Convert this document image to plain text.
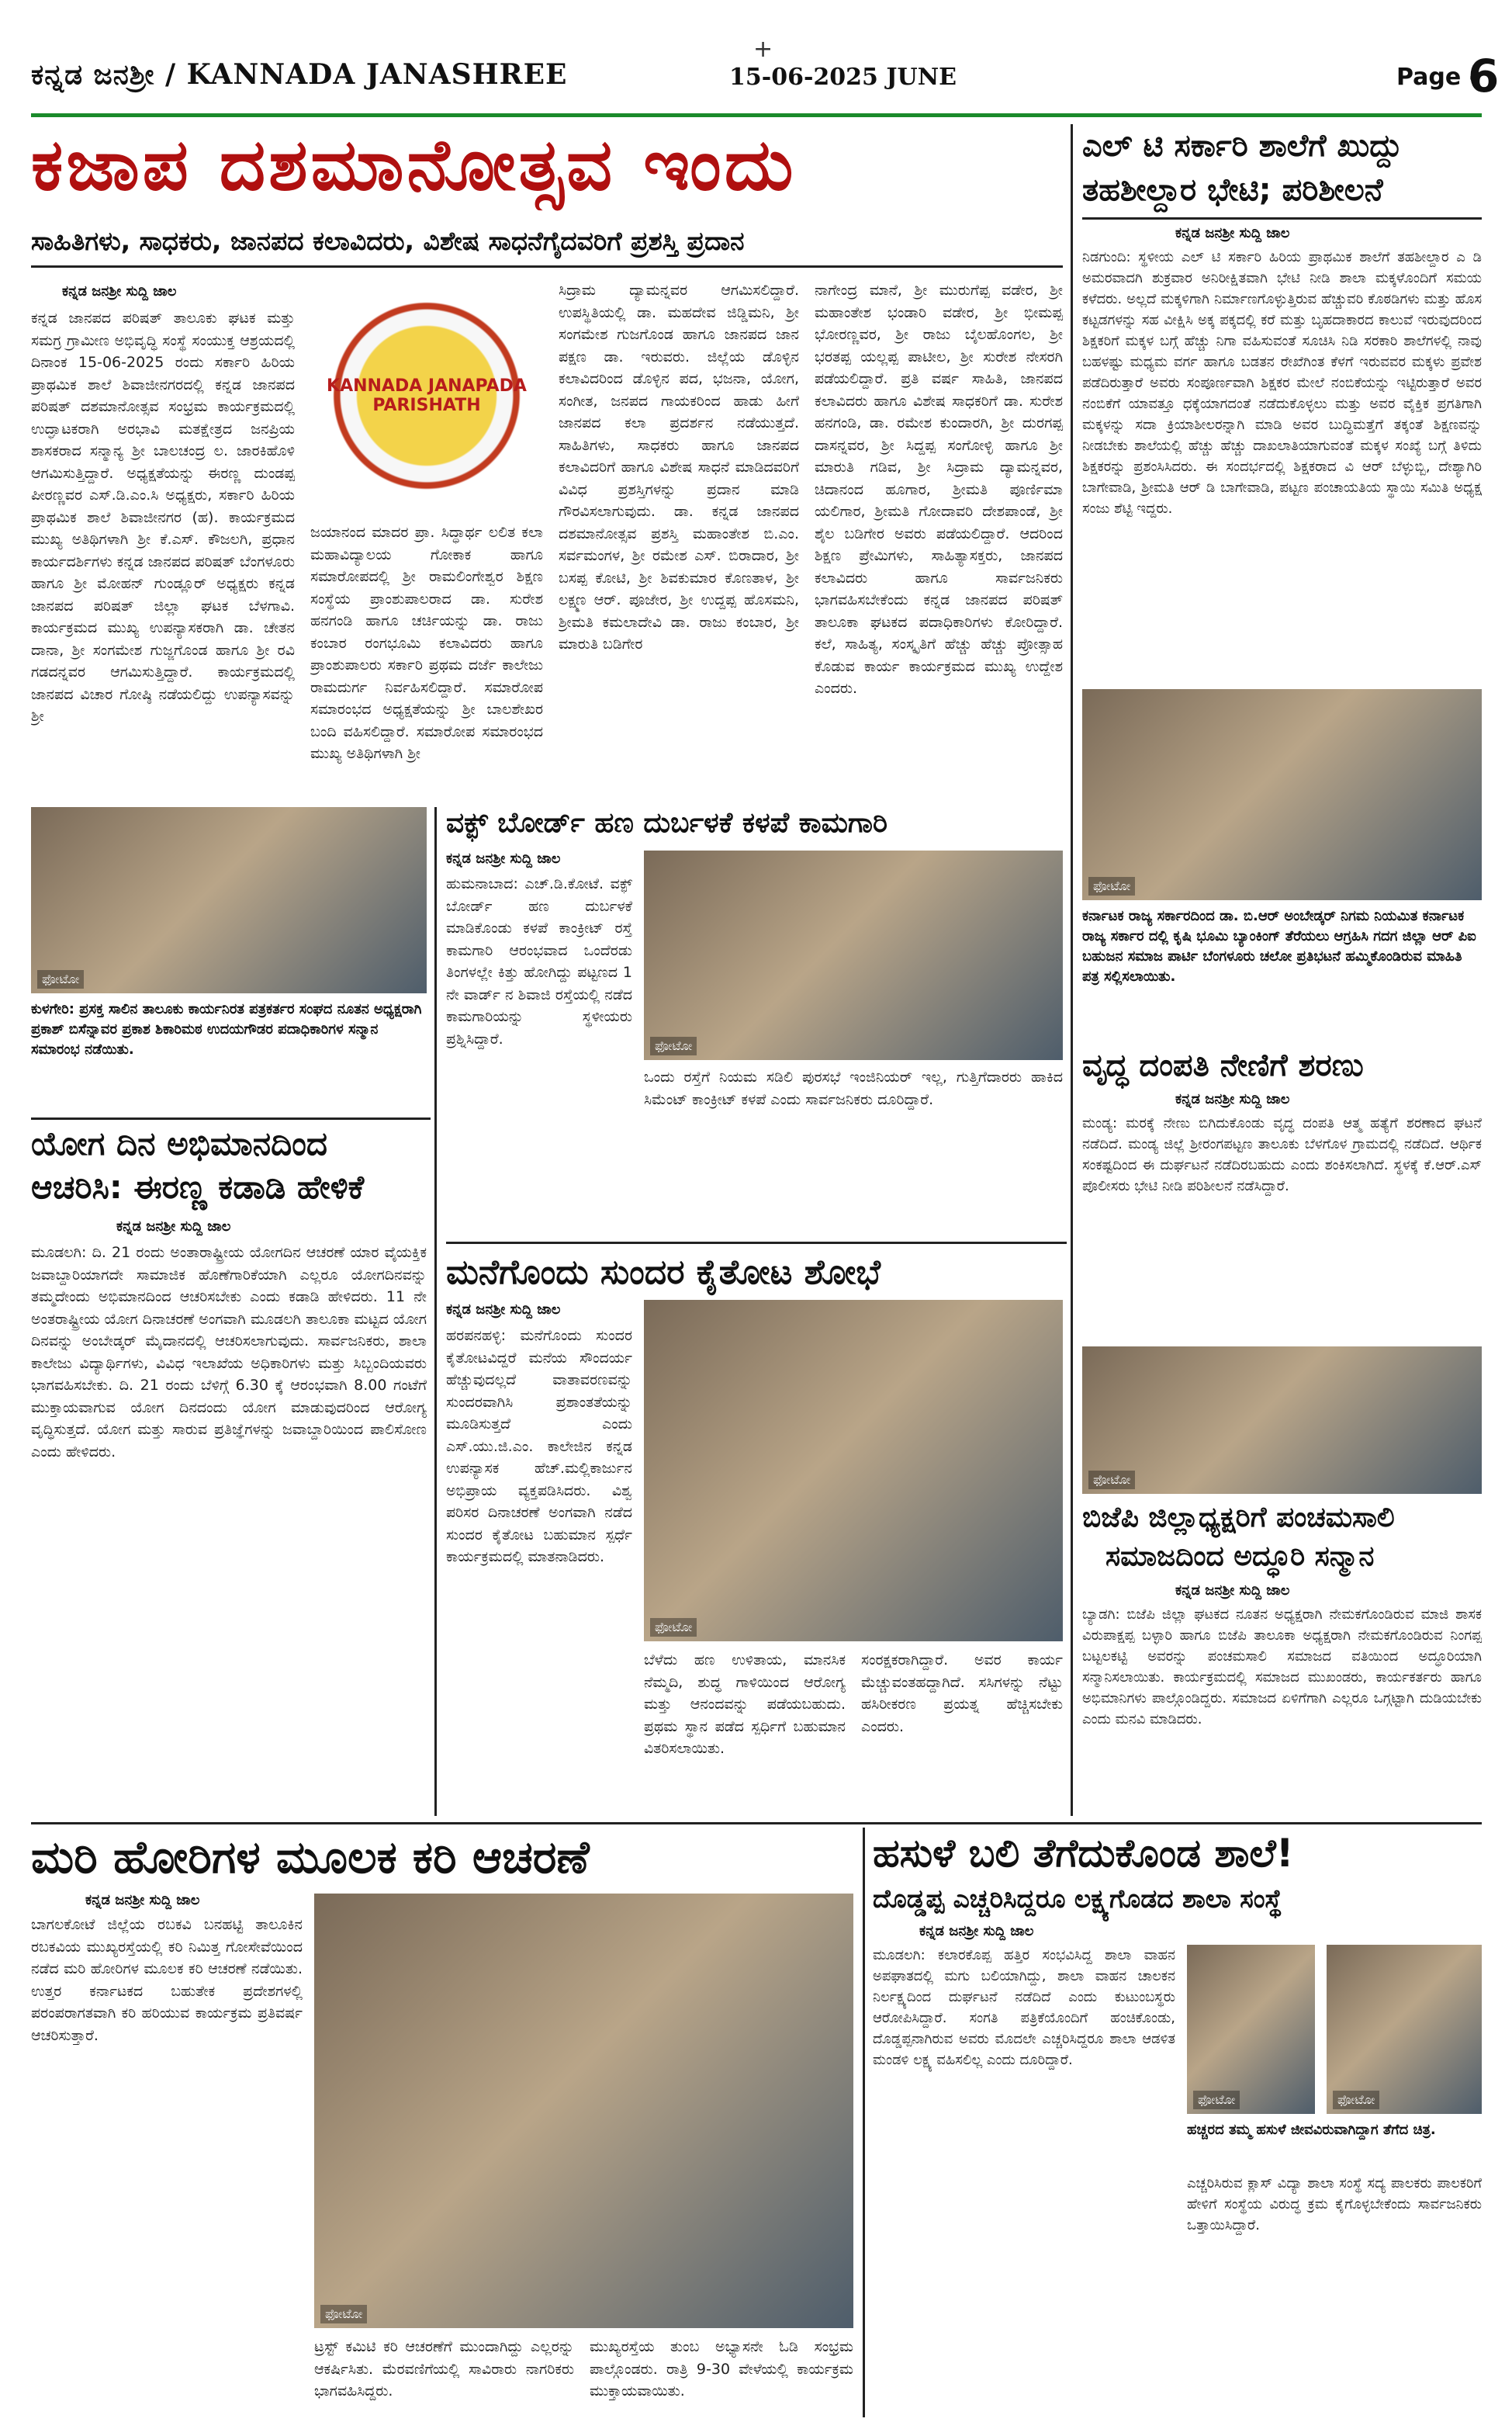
+
ಕನ್ನಡ ಜನಶ್ರೀ / KANNADA JANASHREE	15-06-2025 JUNE	Page -
6
ಕಜಾಪ ದಶಮಾನೋತ್ಸವ ಇಂದು
ಸಾಹಿತಿಗಳು, ಸಾಧಕರು, ಜಾನಪದ ಕಲಾವಿದರು, ವಿಶೇಷ ಸಾಧನೆಗೈದವರಿಗೆ ಪ್ರಶಸ್ತಿ ಪ್ರದಾನ
KANNADA JANAPADA PARISHATH
ಕನ್ನಡ ಜನಶ್ರೀ ಸುದ್ದಿ ಜಾಲ
ಕನ್ನಡ ಜಾನಪದ ಪರಿಷತ್ ತಾಲೂಕು ಘಟಕ ಮತ್ತು ಸಮಗ್ರ ಗ್ರಾಮೀಣ ಅಭಿವೃದ್ಧಿ ಸಂಸ್ಥೆ ಸಂಯುಕ್ತ ಆಶ್ರಯದಲ್ಲಿ ದಿನಾಂಕ 15-06-2025 ರಂದು ಸರ್ಕಾರಿ ಹಿರಿಯ ಪ್ರಾಥಮಿಕ ಶಾಲೆ ಶಿವಾಜೀನಗರದಲ್ಲಿ ಕನ್ನಡ ಜಾನಪದ ಪರಿಷತ್ ದಶಮಾನೋತ್ಸವ ಸಂಭ್ರಮ ಕಾರ್ಯಕ್ರಮದಲ್ಲಿ ಉದ್ಘಾಟಕರಾಗಿ ಅರಭಾವಿ ಮತಕ್ಷೇತ್ರದ ಜನಪ್ರಿಯ ಶಾಸಕರಾದ ಸನ್ಮಾನ್ಯ ಶ್ರೀ ಬಾಲಚಂದ್ರ ಲ. ಜಾರಕಿಹೊಳಿ ಆಗಮಿಸುತ್ತಿದ್ದಾರೆ. ಅಧ್ಯಕ್ಷತೆಯನ್ನು ಈರಣ್ಣ ದುಂಡಪ್ಪ ಪೀರಣ್ಣವರ ಎಸ್.ಡಿ.ಎಂ.ಸಿ ಅಧ್ಯಕ್ಷರು, ಸರ್ಕಾರಿ ಹಿರಿಯ ಪ್ರಾಥಮಿಕ ಶಾಲೆ ಶಿವಾಜೀನಗರ (ಹ). ಕಾರ್ಯಕ್ರಮದ ಮುಖ್ಯ ಅತಿಥಿಗಳಾಗಿ ಶ್ರೀ ಕೆ.ಎಸ್. ಕೌಜಲಗಿ, ಪ್ರಧಾನ ಕಾರ್ಯದರ್ಶಿಗಳು ಕನ್ನಡ ಜಾನಪದ ಪರಿಷತ್ ಬೆಂಗಳೂರು ಹಾಗೂ ಶ್ರೀ ಮೋಹನ್ ಗುಂಡ್ಲೂರ್ ಅಧ್ಯಕ್ಷರು ಕನ್ನಡ ಜಾನಪದ ಪರಿಷತ್ ಜಿಲ್ಲಾ ಘಟಕ ಬೆಳಗಾವಿ. ಕಾರ್ಯಕ್ರಮದ ಮುಖ್ಯ ಉಪನ್ಯಾಸಕರಾಗಿ ಡಾ. ಚೇತನ ದಾನಾ, ಶ್ರೀ ಸಂಗಮೇಶ ಗುಜ್ಜಗೊಂಡ ಹಾಗೂ ಶ್ರೀ ರವಿ ಗಡದನ್ನವರ ಆಗಮಿಸುತ್ತಿದ್ದಾರೆ. ಕಾರ್ಯಕ್ರಮದಲ್ಲಿ ಜಾನಪದ ವಿಚಾರ ಗೋಷ್ಠಿ ನಡೆಯಲಿದ್ದು ಉಪನ್ಯಾಸವನ್ನು ಶ್ರೀ
ಜಯಾನಂದ ಮಾದರ ಪ್ರಾ. ಸಿದ್ಧಾರ್ಥ ಲಲಿತ ಕಲಾ ಮಹಾವಿದ್ಯಾಲಯ ಗೋಕಾಕ ಹಾಗೂ ಸಮಾರೋಪದಲ್ಲಿ ಶ್ರೀ ರಾಮಲಿಂಗೇಶ್ವರ ಶಿಕ್ಷಣ ಸಂಸ್ಥೆಯ ಪ್ರಾಂಶುಪಾಲರಾದ ಡಾ. ಸುರೇಶ ಹನಗಂಡಿ ಹಾಗೂ ಚರ್ಚಿಯನ್ನು ಡಾ. ರಾಜು ಕಂಬಾರ ರಂಗಭೂಮಿ ಕಲಾವಿದರು ಹಾಗೂ ಪ್ರಾಂಶುಪಾಲರು ಸರ್ಕಾರಿ ಪ್ರಥಮ ದರ್ಜೆ ಕಾಲೇಜು ರಾಮದುರ್ಗ ನಿರ್ವಹಿಸಲಿದ್ದಾರೆ. ಸಮಾರೋಪ ಸಮಾರಂಭದ ಅಧ್ಯಕ್ಷತೆಯನ್ನು ಶ್ರೀ ಬಾಲಶೇಖರ ಬಂದಿ ವಹಿಸಲಿದ್ದಾರೆ. ಸಮಾರೋಪ ಸಮಾರಂಭದ ಮುಖ್ಯ ಅತಿಥಿಗಳಾಗಿ ಶ್ರೀ
ಸಿದ್ರಾಮ ದ್ಯಾಮನ್ನವರ ಆಗಮಿಸಲಿದ್ದಾರೆ. ಉಪಸ್ಥಿತಿಯಲ್ಲಿ ಡಾ. ಮಹದೇವ ಜಿಡ್ಡಿಮನಿ, ಶ್ರೀ ಸಂಗಮೇಶ ಗುಜಗೊಂಡ ಹಾಗೂ ಜಾನಪದ ಜಾನ ಪಕ್ಷಣ ಡಾ. ಇರುವರು. ಜಿಲ್ಲೆಯ ಡೊಳ್ಳಿನ ಕಲಾವಿದರಿಂದ ಡೊಳ್ಳಿನ ಪದ, ಭಜನಾ, ಯೋಗ, ಸಂಗೀತ, ಜನಪದ ಗಾಯಕರಿಂದ ಹಾಡು ಹೀಗೆ ಜಾನಪದ ಕಲಾ ಪ್ರದರ್ಶನ ನಡೆಯುತ್ತದೆ. ಸಾಹಿತಿಗಳು, ಸಾಧಕರು ಹಾಗೂ ಜಾನಪದ ಕಲಾವಿದರಿಗೆ ಹಾಗೂ ವಿಶೇಷ ಸಾಧನೆ ಮಾಡಿದವರಿಗೆ ವಿವಿಧ ಪ್ರಶಸ್ತಿಗಳನ್ನು ಪ್ರದಾನ ಮಾಡಿ ಗೌರವಿಸಲಾಗುವುದು. ಡಾ. ಕನ್ನಡ ಜಾನಪದ ದಶಮಾನೋತ್ಸವ ಪ್ರಶಸ್ತಿ ಮಹಾಂತೇಶ ಬಿ.ಎಂ. ಸರ್ವಮಂಗಳ, ಶ್ರೀ ರಮೇಶ ಎಸ್. ಬಿರಾದಾರ, ಶ್ರೀ ಬಸಪ್ಪ ಕೋಟಿ, ಶ್ರೀ ಶಿವಕುಮಾರ ಕೊಣತಾಳ, ಶ್ರೀ ಲಕ್ಷ್ಮಣ ಆರ್. ಪೂಜೇರ, ಶ್ರೀ ಉದ್ದಪ್ಪ ಹೊಸಮನಿ, ಶ್ರೀಮತಿ ಕಮಲಾದೇವಿ ಡಾ. ರಾಜು ಕಂಬಾರ, ಶ್ರೀ ಮಾರುತಿ ಬಡಿಗೇರ
ನಾಗೇಂದ್ರ ಮಾನೆ, ಶ್ರೀ ಮುರುಗೆಪ್ಪ ವಡೇರ, ಶ್ರೀ ಮಹಾಂತೇಶ ಭಂಡಾರಿ ವಡೇರ, ಶ್ರೀ ಭೀಮಪ್ಪ ಭೋರಣ್ಣವರ, ಶ್ರೀ ರಾಜು ಬೈಲಹೊಂಗಲ, ಶ್ರೀ ಭರತಪ್ಪ ಯಲ್ಲಪ್ಪ ಪಾಟೀಲ, ಶ್ರೀ ಸುರೇಶ ನೇಸರಗಿ ಪಡೆಯಲಿದ್ದಾರೆ. ಪ್ರತಿ ವರ್ಷ ಸಾಹಿತಿ, ಜಾನಪದ ಕಲಾವಿದರು ಹಾಗೂ ವಿಶೇಷ ಸಾಧಕರಿಗೆ ಡಾ. ಸುರೇಶ ಹನಗಂಡಿ, ಡಾ. ರಮೇಶ ಕುಂದಾರಗಿ, ಶ್ರೀ ದುರಗಪ್ಪ ದಾಸನ್ನವರ, ಶ್ರೀ ಸಿದ್ದಪ್ಪ ಸಂಗೋಳ್ಳಿ ಹಾಗೂ ಶ್ರೀ ಮಾರುತಿ ಗಡಿವ, ಶ್ರೀ ಸಿದ್ರಾಮ ದ್ಯಾಮನ್ನವರ, ಚಿದಾನಂದ ಹೂಗಾರ, ಶ್ರೀಮತಿ ಪೂರ್ಣಿಮಾ ಯಲಿಗಾರ, ಶ್ರೀಮತಿ ಗೋದಾವರಿ ದೇಶಪಾಂಡೆ, ಶ್ರೀ ಶೈಲ ಬಡಿಗೇರ ಅವರು ಪಡೆಯಲಿದ್ದಾರೆ. ಆದರಿಂದ ಶಿಕ್ಷಣ ಪ್ರೇಮಿಗಳು, ಸಾಹಿತ್ಯಾಸಕ್ತರು, ಜಾನಪದ ಕಲಾವಿದರು ಹಾಗೂ ಸಾರ್ವಜನಿಕರು ಭಾಗವಹಿಸಬೇಕೆಂದು ಕನ್ನಡ ಜಾನಪದ ಪರಿಷತ್ ತಾಲೂಕಾ ಘಟಕದ ಪದಾಧಿಕಾರಿಗಳು ಕೋರಿದ್ದಾರೆ. ಕಲೆ, ಸಾಹಿತ್ಯ, ಸಂಸ್ಕೃತಿಗೆ ಹೆಚ್ಚು ಹೆಚ್ಚು ಪ್ರೋತ್ಸಾಹ ಕೊಡುವ ಕಾರ್ಯ ಕಾರ್ಯಕ್ರಮದ ಮುಖ್ಯ ಉದ್ದೇಶ ಎಂದರು.
ಎಲ್ ಟಿ ಸರ್ಕಾರಿ ಶಾಲೆಗೆ ಖುದ್ದು
ತಹಶೀಲ್ದಾರ ಭೇಟಿ; ಪರಿಶೀಲನೆ
ಕನ್ನಡ ಜನಶ್ರೀ ಸುದ್ದಿ ಜಾಲ
ನಿಡಗುಂದಿ: ಸ್ಥಳೀಯ ಎಲ್ ಟಿ ಸರ್ಕಾರಿ ಹಿರಿಯ ಪ್ರಾಥಮಿಕ ಶಾಲೆಗೆ ತಹಶೀಲ್ದಾರ ಎ ಡಿ ಅಮರವಾದಗಿ ಶುಕ್ರವಾರ ಅನಿರೀಕ್ಷಿತವಾಗಿ ಭೇಟಿ ನೀಡಿ ಶಾಲಾ ಮಕ್ಕಳೊಂದಿಗೆ ಸಮಯ ಕಳೆದರು. ಅಲ್ಲದೆ ಮಕ್ಕಳಿಗಾಗಿ ನಿರ್ಮಾಣಗೊಳ್ಳುತ್ತಿರುವ ಹೆಚ್ಚುವರಿ ಕೊಠಡಿಗಳು ಮತ್ತು ಹೊಸ ಕಟ್ಟಡಗಳನ್ನು ಸಹ ವೀಕ್ಷಿಸಿ ಅಕ್ಕ ಪಕ್ಕದಲ್ಲಿ ಕರೆ ಮತ್ತು ಬೃಹದಾಕಾರದ ಕಾಲುವೆ ಇರುವುದರಿಂದ ಶಿಕ್ಷಕರಿಗೆ ಮಕ್ಕಳ ಬಗ್ಗೆ ಹೆಚ್ಚು ನಿಗಾ ವಹಿಸುವಂತೆ ಸೂಚಿಸಿ ನಿಡಿ ಸರಕಾರಿ ಶಾಲೆಗಳಲ್ಲಿ ನಾವು ಬಹಳಷ್ಟು ಮಧ್ಯಮ ವರ್ಗ ಹಾಗೂ ಬಡತನ ರೇಖೆಗಿಂತ ಕೆಳಗೆ ಇರುವವರ ಮಕ್ಕಳು ಪ್ರವೇಶ ಪಡೆದಿರುತ್ತಾರೆ ಅವರು ಸಂಪೂರ್ಣವಾಗಿ ಶಿಕ್ಷಕರ ಮೇಲೆ ನಂಬಿಕೆಯನ್ನು ಇಟ್ಟಿರುತ್ತಾರೆ ಅವರ ನಂಬಿಕೆಗೆ ಯಾವತ್ತೂ ಧಕ್ಕೆಯಾಗದಂತೆ ನಡೆದುಕೊಳ್ಳಲು ಮತ್ತು ಅವರ ವೈಕ್ತಿಕ ಪ್ರಗತಿಗಾಗಿ ಮಕ್ಕಳನ್ನು ಸದಾ ಕ್ರಿಯಾಶೀಲರನ್ನಾಗಿ ಮಾಡಿ ಅವರ ಬುದ್ಧಿಮತ್ತೆಗೆ ತಕ್ಕಂತೆ ಶಿಕ್ಷಣವನ್ನು ನೀಡಬೇಕು ಶಾಲೆಯಲ್ಲಿ ಹೆಚ್ಚು ಹೆಚ್ಚು ದಾಖಲಾತಿಯಾಗುವಂತೆ ಮಕ್ಕಳ ಸಂಖ್ಯೆ ಬಗ್ಗೆ ತಿಳಿದು ಶಿಕ್ಷಕರನ್ನು ಪ್ರಶಂಸಿಸಿದರು. ಈ ಸಂದರ್ಭದಲ್ಲಿ ಶಿಕ್ಷಕರಾದ ವಿ ಆರ್ ಬೆಳ್ಳುಬ್ಬಿ, ದೇಶ್ಯಾಗಿರಿ ಬಾಗೇವಾಡಿ, ಶ್ರೀಮತಿ ಆರ್ ಡಿ ಬಾಗೇವಾಡಿ, ಪಟ್ಟಣ ಪಂಚಾಯತಿಯ ಸ್ಥಾಯಿ ಸಮಿತಿ ಅಧ್ಯಕ್ಷ ಸಂಜು ಶೆಟ್ಟಿ ಇದ್ದರು.
ಫೋಟೋ
ಕರ್ನಾಟಕ ರಾಜ್ಯ ಸರ್ಕಾರದಿಂದ ಡಾ. ಬಿ.ಆರ್ ಅಂಬೇಡ್ಕರ್ ನಿಗಮ ನಿಯಮಿತ ಕರ್ನಾಟಕ ರಾಜ್ಯ ಸರ್ಕಾರ ದಲ್ಲಿ ಕೃಷಿ ಭೂಮಿ ಬ್ಯಾಂಕಿಂಗ್ ತೆರೆಯಲು ಆಗ್ರಹಿಸಿ ಗದಗ ಜಿಲ್ಲಾ ಆರ್ ಪಿಐ ಬಹುಜನ ಸಮಾಜ ಪಾರ್ಟಿ ಬೆಂಗಳೂರು ಚಲೋ ಪ್ರತಿಭಟನೆ ಹಮ್ಮಿಕೊಂಡಿರುವ ಮಾಹಿತಿ ಪತ್ರ ಸಲ್ಲಿಸಲಾಯಿತು.
ಫೋಟೋ
ಕುಳಗೇರಿ: ಪ್ರಸಕ್ತ ಸಾಲಿನ ತಾಲೂಕು ಕಾರ್ಯನಿರತ ಪತ್ರಕರ್ತರ ಸಂಘದ ನೂತನ ಅಧ್ಯಕ್ಷರಾಗಿ ಪ್ರಕಾಶ್ ಬಿಸೆನ್ನಾವರ ಪ್ರಕಾಶ ಶಿಕಾರಿಮಠ ಉದಯಗೌಡರ ಪದಾಧಿಕಾರಿಗಳ ಸನ್ಮಾನ ಸಮಾರಂಭ ನಡೆಯಿತು.
ವಕ್ಫ್ ಬೋರ್ಡ್ ಹಣ ದುರ್ಬಳಕೆ ಕಳಪೆ ಕಾಮಗಾರಿ
ಕನ್ನಡ ಜನಶ್ರೀ ಸುದ್ದಿ ಜಾಲ
ಹುಮನಾಬಾದ: ಎಚ್.ಡಿ.ಕೋಟೆ. ವಕ್ಫ್ ಬೋರ್ಡ್ ಹಣ ದುರ್ಬಳಕೆ ಮಾಡಿಕೊಂಡು ಕಳಪೆ ಕಾಂಕ್ರೀಟ್ ರಸ್ತೆ ಕಾಮಗಾರಿ ಆರಂಭವಾದ ಒಂದೆರಡು ತಿಂಗಳಲ್ಲೇ ಕಿತ್ತು ಹೋಗಿದ್ದು ಪಟ್ಟಣದ 1 ನೇ ವಾರ್ಡ್ ನ ಶಿವಾಜಿ ರಸ್ತೆಯಲ್ಲಿ ನಡೆದ ಕಾಮಗಾರಿಯನ್ನು ಸ್ಥಳೀಯರು ಪ್ರಶ್ನಿಸಿದ್ದಾರೆ.	ಫೋಟೋ
ಒಂದು ರಸ್ತೆಗೆ ನಿಯಮ ಸಡಿಲಿ ಪುರಸಭೆ ಇಂಜಿನಿಯರ್ ಇಲ್ಲ, ಗುತ್ತಿಗೆದಾರರು ಹಾಕಿದ ಸಿಮೆಂಟ್ ಕಾಂಕ್ರೀಟ್ ಕಳಪೆ ಎಂದು ಸಾರ್ವಜನಿಕರು ದೂರಿದ್ದಾರೆ.
ಯೋಗ ದಿನ ಅಭಿಮಾನದಿಂದ
ಆಚರಿಸಿ: ಈರಣ್ಣ ಕಡಾಡಿ ಹೇಳಿಕೆ
ಕನ್ನಡ ಜನಶ್ರೀ ಸುದ್ದಿ ಜಾಲ
ಮೂಡಲಗಿ: ದಿ. 21 ರಂದು ಅಂತಾರಾಷ್ಟ್ರೀಯ ಯೋಗದಿನ ಆಚರಣೆ ಯಾರ ವೈಯಕ್ತಿಕ ಜವಾಬ್ದಾರಿಯಾಗದೇ ಸಾಮಾಜಿಕ ಹೊಣೆಗಾರಿಕೆಯಾಗಿ ಎಲ್ಲರೂ ಯೋಗದಿನವನ್ನು ತಮ್ಮದೇಂದು ಅಭಿಮಾನದಿಂದ ಆಚರಿಸಬೇಕು ಎಂದು ಕಡಾಡಿ ಹೇಳಿದರು. 11 ನೇ ಅಂತರಾಷ್ಟ್ರೀಯ ಯೋಗ ದಿನಾಚರಣೆ ಅಂಗವಾಗಿ ಮೂಡಲಗಿ ತಾಲೂಕಾ ಮಟ್ಟದ ಯೋಗ ದಿನವನ್ನು ಅಂಬೇಡ್ಕರ್ ಮೈದಾನದಲ್ಲಿ ಆಚರಿಸಲಾಗುವುದು. ಸಾರ್ವಜನಿಕರು, ಶಾಲಾ ಕಾಲೇಜು ವಿದ್ಯಾರ್ಥಿಗಳು, ವಿವಿಧ ಇಲಾಖೆಯ ಅಧಿಕಾರಿಗಳು ಮತ್ತು ಸಿಬ್ಬಂದಿಯವರು ಭಾಗವಹಿಸಬೇಕು. ದಿ. 21 ರಂದು ಬೆಳಿಗ್ಗೆ 6.30 ಕ್ಕೆ ಆರಂಭವಾಗಿ 8.00 ಗಂಟೆಗೆ ಮುಕ್ತಾಯವಾಗುವ ಯೋಗ ದಿನದಂದು ಯೋಗ ಮಾಡುವುದರಿಂದ ಆರೋಗ್ಯ ವೃದ್ಧಿಸುತ್ತದೆ. ಯೋಗ ಮತ್ತು ಸಾರುವ ಪ್ರತಿಜ್ಞೆಗಳನ್ನು ಜವಾಬ್ದಾರಿಯಿಂದ ಪಾಲಿಸೋಣ ಎಂದು ಹೇಳಿದರು.
ಮನೆಗೊಂದು ಸುಂದರ ಕೈತೋಟ ಶೋಭೆ
ಕನ್ನಡ ಜನಶ್ರೀ ಸುದ್ದಿ ಜಾಲ
ಹರಪನಹಳ್ಳಿ: ಮನೆಗೊಂದು ಸುಂದರ ಕೈತೋಟವಿದ್ದರೆ ಮನೆಯ ಸೌಂದರ್ಯ ಹೆಚ್ಚುವುದಲ್ಲದೆ ವಾತಾವರಣವನ್ನು ಸುಂದರವಾಗಿಸಿ ಪ್ರಶಾಂತತೆಯನ್ನು ಮೂಡಿಸುತ್ತದೆ ಎಂದು ಎಸ್.ಯು.ಜಿ.ಎಂ. ಕಾಲೇಜಿನ ಕನ್ನಡ ಉಪನ್ಯಾಸಕ ಹೆಚ್.ಮಲ್ಲಿಕಾರ್ಜುನ ಅಭಿಪ್ರಾಯ ವ್ಯಕ್ತಪಡಿಸಿದರು. ವಿಶ್ವ ಪರಿಸರ ದಿನಾಚರಣೆ ಅಂಗವಾಗಿ ನಡೆದ ಸುಂದರ ಕೈತೋಟ ಬಹುಮಾನ ಸ್ಪರ್ಧೆ ಕಾರ್ಯಕ್ರಮದಲ್ಲಿ ಮಾತನಾಡಿದರು.
ಫೋಟೋ
ಬೆಳೆದು ಹಣ ಉಳಿತಾಯ, ಮಾನಸಿಕ ನೆಮ್ಮದಿ, ಶುದ್ಧ ಗಾಳಿಯಿಂದ ಆರೋಗ್ಯ ಮತ್ತು ಆನಂದವನ್ನು ಪಡೆಯಬಹುದು. ಪ್ರಥಮ ಸ್ಥಾನ ಪಡೆದ ಸ್ಪರ್ಧಿಗೆ ಬಹುಮಾನ ವಿತರಿಸಲಾಯಿತು.
ಸಂರಕ್ಷಕರಾಗಿದ್ದಾರೆ. ಅವರ ಕಾರ್ಯ ಮೆಚ್ಚುವಂತಹದ್ದಾಗಿದೆ. ಸಸಿಗಳನ್ನು ನೆಟ್ಟು ಹಸಿರೀಕರಣ ಪ್ರಯತ್ನ ಹೆಚ್ಚಿಸಬೇಕು ಎಂದರು.
ವೃದ್ಧ ದಂಪತಿ ನೇಣಿಗೆ ಶರಣು
ಕನ್ನಡ ಜನಶ್ರೀ ಸುದ್ದಿ ಜಾಲ
ಮಂಡ್ಯ: ಮರಕ್ಕೆ ನೇಣು ಬಿಗಿದುಕೊಂಡು ವೃದ್ಧ ದಂಪತಿ ಆತ್ಮ ಹತ್ಯೆಗೆ ಶರಣಾದ ಘಟನೆ ನಡೆದಿದೆ. ಮಂಡ್ಯ ಜಿಲ್ಲೆ ಶ್ರೀರಂಗಪಟ್ಟಣ ತಾಲೂಕು ಬೆಳಗೊಳ ಗ್ರಾಮದಲ್ಲಿ ನಡೆದಿದೆ. ಆರ್ಥಿಕ ಸಂಕಷ್ಟದಿಂದ ಈ ದುರ್ಘಟನೆ ನಡೆದಿರಬಹುದು ಎಂದು ಶಂಕಿಸಲಾಗಿದೆ. ಸ್ಥಳಕ್ಕೆ ಕೆ.ಆರ್.ಎಸ್ ಪೊಲೀಸರು ಭೇಟಿ ನೀಡಿ ಪರಿಶೀಲನೆ ನಡೆಸಿದ್ದಾರೆ.
ಫೋಟೋ
ಬಿಜೆಪಿ ಜಿಲ್ಲಾಧ್ಯಕ್ಷರಿಗೆ ಪಂಚಮಸಾಲಿ
ಸಮಾಜದಿಂದ ಅದ್ಧೂರಿ ಸನ್ಮಾನ
ಕನ್ನಡ ಜನಶ್ರೀ ಸುದ್ದಿ ಜಾಲ
ಬ್ಯಾಡಗಿ: ಬಿಜೆಪಿ ಜಿಲ್ಲಾ ಘಟಕದ ನೂತನ ಅಧ್ಯಕ್ಷರಾಗಿ ನೇಮಕಗೊಂಡಿರುವ ಮಾಜಿ ಶಾಸಕ ವಿರುಪಾಕ್ಷಪ್ಪ ಬಳ್ಳಾರಿ ಹಾಗೂ ಬಿಜೆಪಿ ತಾಲೂಕಾ ಅಧ್ಯಕ್ಷರಾಗಿ ನೇಮಕಗೊಂಡಿರುವ ನಿಂಗಪ್ಪ ಬಟ್ಟಲಕಟ್ಟಿ ಅವರನ್ನು ಪಂಚಮಸಾಲಿ ಸಮಾಜದ ವತಿಯಿಂದ ಅದ್ಧೂರಿಯಾಗಿ ಸನ್ಮಾನಿಸಲಾಯಿತು. ಕಾರ್ಯಕ್ರಮದಲ್ಲಿ ಸಮಾಜದ ಮುಖಂಡರು, ಕಾರ್ಯಕರ್ತರು ಹಾಗೂ ಅಭಿಮಾನಿಗಳು ಪಾಲ್ಗೊಂಡಿದ್ದರು. ಸಮಾಜದ ಏಳಿಗೆಗಾಗಿ ಎಲ್ಲರೂ ಒಗ್ಗಟ್ಟಾಗಿ ದುಡಿಯಬೇಕು ಎಂದು ಮನವಿ ಮಾಡಿದರು.
ಮರಿ ಹೋರಿಗಳ ಮೂಲಕ ಕರಿ ಆಚರಣೆ
ಕನ್ನಡ ಜನಶ್ರೀ ಸುದ್ದಿ ಜಾಲ
ಬಾಗಲಕೋಟೆ ಜಿಲ್ಲೆಯ ರಬಕವಿ ಬನಹಟ್ಟಿ ತಾಲೂಕಿನ ರಬಕವಿಯ ಮುಖ್ಯರಸ್ತೆಯಲ್ಲಿ ಕರಿ ನಿಮಿತ್ತ ಗೋಸೇವೆಯಿಂದ ನಡೆದ ಮರಿ ಹೋರಿಗಳ ಮೂಲಕ ಕರಿ ಆಚರಣೆ ನಡೆಯಿತು. ಉತ್ತರ ಕರ್ನಾಟಕದ ಬಹುತೇಕ ಪ್ರದೇಶಗಳಲ್ಲಿ ಪರಂಪರಾಗತವಾಗಿ ಕರಿ ಹರಿಯುವ ಕಾರ್ಯಕ್ರಮ ಪ್ರತಿವರ್ಷ ಆಚರಿಸುತ್ತಾರೆ.
ಫೋಟೋ
ಟ್ರಸ್ಟ್ ಕಮಿಟಿ ಕರಿ ಆಚರಣೆಗೆ ಮುಂದಾಗಿದ್ದು ಎಲ್ಲರನ್ನು ಆಕರ್ಷಿಸಿತು. ಮೆರವಣಿಗೆಯಲ್ಲಿ ಸಾವಿರಾರು ನಾಗರಿಕರು ಭಾಗವಹಿಸಿದ್ದರು.
ಮುಖ್ಯರಸ್ತೆಯ ತುಂಬ ಅಭ್ಯಾಸನೇ ಓಡಿ ಸಂಭ್ರಮ ಪಾಲ್ಗೊಂಡರು. ರಾತ್ರಿ 9-30 ವೇಳೆಯಲ್ಲಿ ಕಾರ್ಯಕ್ರಮ ಮುಕ್ತಾಯವಾಯಿತು.
ಹಸುಳೆ ಬಲಿ ತೆಗೆದುಕೊಂಡ ಶಾಲೆ!
ದೊಡ್ಡಪ್ಪ ಎಚ್ಚರಿಸಿದ್ದರೂ ಲಕ್ಷ್ಯಗೊಡದ ಶಾಲಾ ಸಂಸ್ಥೆ
ಕನ್ನಡ ಜನಶ್ರೀ ಸುದ್ದಿ ಜಾಲ
ಮೂಡಲಗಿ: ಕಲಾರಕೊಪ್ಪ ಹತ್ತಿರ ಸಂಭವಿಸಿದ್ದ ಶಾಲಾ ವಾಹನ ಅಪಘಾತದಲ್ಲಿ ಮಗು ಬಲಿಯಾಗಿದ್ದು, ಶಾಲಾ ವಾಹನ ಚಾಲಕನ ನಿರ್ಲಕ್ಷ್ಯದಿಂದ ದುರ್ಘಟನೆ ನಡೆದಿದೆ ಎಂದು ಕುಟುಂಬಸ್ಥರು ಆರೋಪಿಸಿದ್ದಾರೆ. ಸಂಗತಿ ಪತ್ರಿಕೆಯೊಂದಿಗೆ ಹಂಚಿಕೊಂಡು, ದೊಡ್ಡಪ್ಪನಾಗಿರುವ ಅವರು ಮೊದಲೇ ಎಚ್ಚರಿಸಿದ್ದರೂ ಶಾಲಾ ಆಡಳಿತ ಮಂಡಳಿ ಲಕ್ಷ್ಯ ವಹಿಸಲಿಲ್ಲ ಎಂದು ದೂರಿದ್ದಾರೆ.
ಫೋಟೋ	ಫೋಟೋ
ಹಚ್ಚರದ ತಮ್ಮ ಹಸುಳೆ ಜೀವವಿರುವಾಗಿದ್ದಾಗ ತೆಗೆದ ಚಿತ್ರ.
ಎಚ್ಚರಿಸಿರುವ ಕ್ಲಾಸ್ ವಿದ್ಯಾ ಶಾಲಾ ಸಂಸ್ಥೆ ಸದ್ಯ ಪಾಲಕರು ಪಾಲಕರಿಗೆ ಹೇಳಿಗೆ ಸಂಸ್ಥೆಯ ವಿರುದ್ಧ ಕ್ರಮ ಕೈಗೊಳ್ಳಬೇಕೆಂದು ಸಾರ್ವಜನಿಕರು ಒತ್ತಾಯಿಸಿದ್ದಾರೆ.
